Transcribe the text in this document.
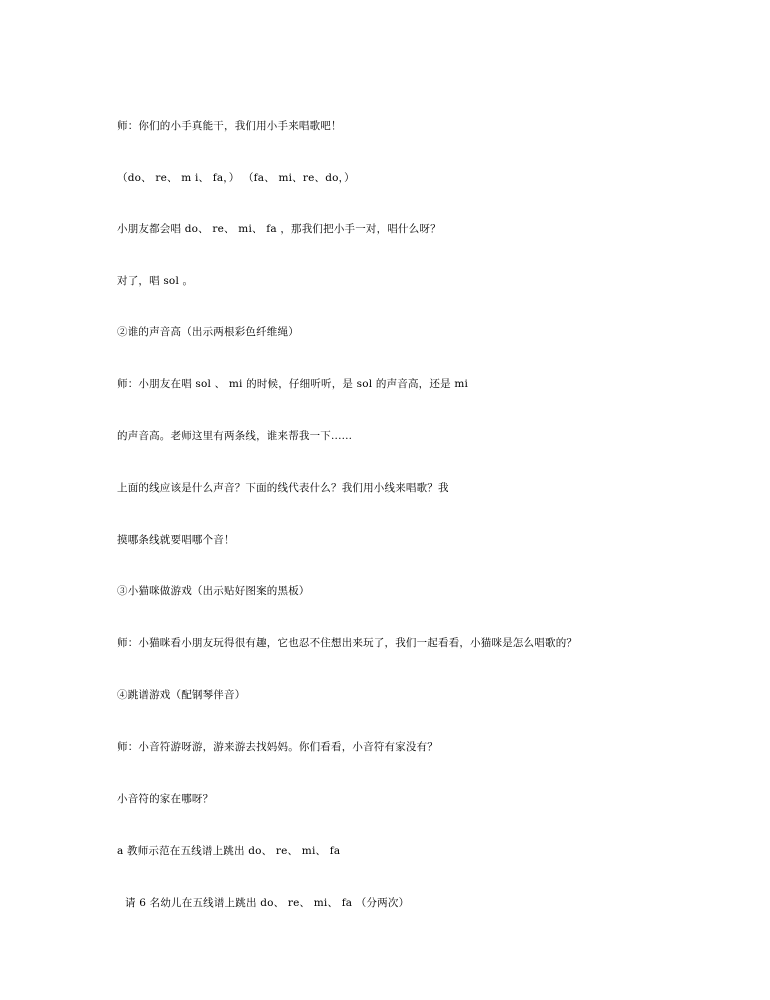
师：你们的小手真能干，我们用小手来唱歌吧！
（do、 re、 m i、 fa，） （fa、 mi、re、do，）
小朋友都会唱 do、 re、 mi、 fa ，那我们把小手一对，唱什么呀？
对了，唱 sol 。
②谁的声音高（出示两根彩色纤维绳）
师：小朋友在唱 sol 、 mi 的时候，仔细听听，是 sol 的声音高，还是 mi
的声音高。老师这里有两条线，谁来帮我一下......
上面的线应该是什么声音？下面的线代表什么？我们用小线来唱歌？我
摸哪条线就要唱哪个音！
③小猫咪做游戏（出示贴好图案的黑板）
师：小猫咪看小朋友玩得很有趣，它也忍不住想出来玩了，我们一起看看，小猫咪是怎么唱歌的？
④跳谱游戏（配钢琴伴音）
师：小音符游呀游，游来游去找妈妈。你们看看，小音符有家没有？
小音符的家在哪呀？
a 教师示范在五线谱上跳出 do、 re、 mi、 fa
请 6 名幼儿在五线谱上跳出 do、 re、 mi、 fa （分两次）
